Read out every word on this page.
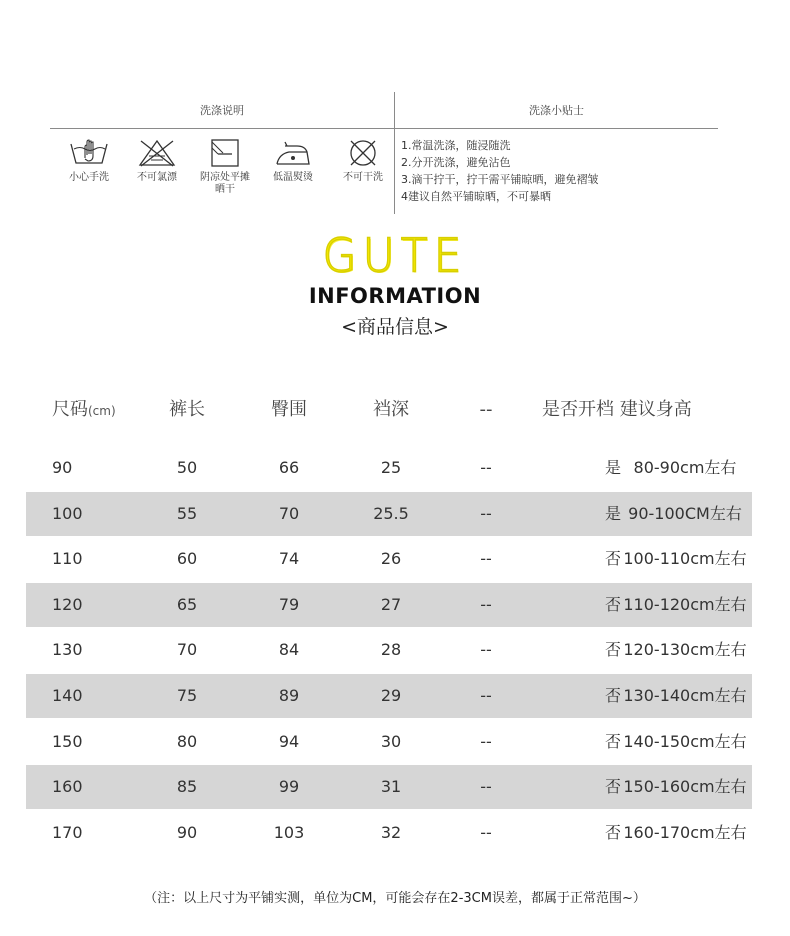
洗涤说明	洗涤小贴士
小心手洗	不可氯漂	阴凉处平摊晒干
低温熨烫	不可干洗
1.常温洗涤，随浸随洗
2.分开洗涤，避免沾色
3.滴干拧干，拧干需平铺晾晒，避免褶皱
4建议自然平铺晾晒，不可暴晒
GUTE
INFORMATION
<商品信息>
尺码(cm)	裤长	臀围	裆深	--	是否开档 建议身高
90	50	66	25	--	是 80-90cm左右
100	55	70	25.5	--	是 90-100CM左右
110	60	74	26	--	否 100-110cm左右
120	65	79	27	--	否 110-120cm左右
130	70	84	28	--	否 120-130cm左右
140	75	89	29	--	否 130-140cm左右
150	80	94	30	--	否 140-150cm左右
160	85	99	31	--	否 150-160cm左右
170	90	103	32	--	否 160-170cm左右
（注：以上尺寸为平铺实测，单位为CM，可能会存在2-3CM误差，都属于正常范围~）
